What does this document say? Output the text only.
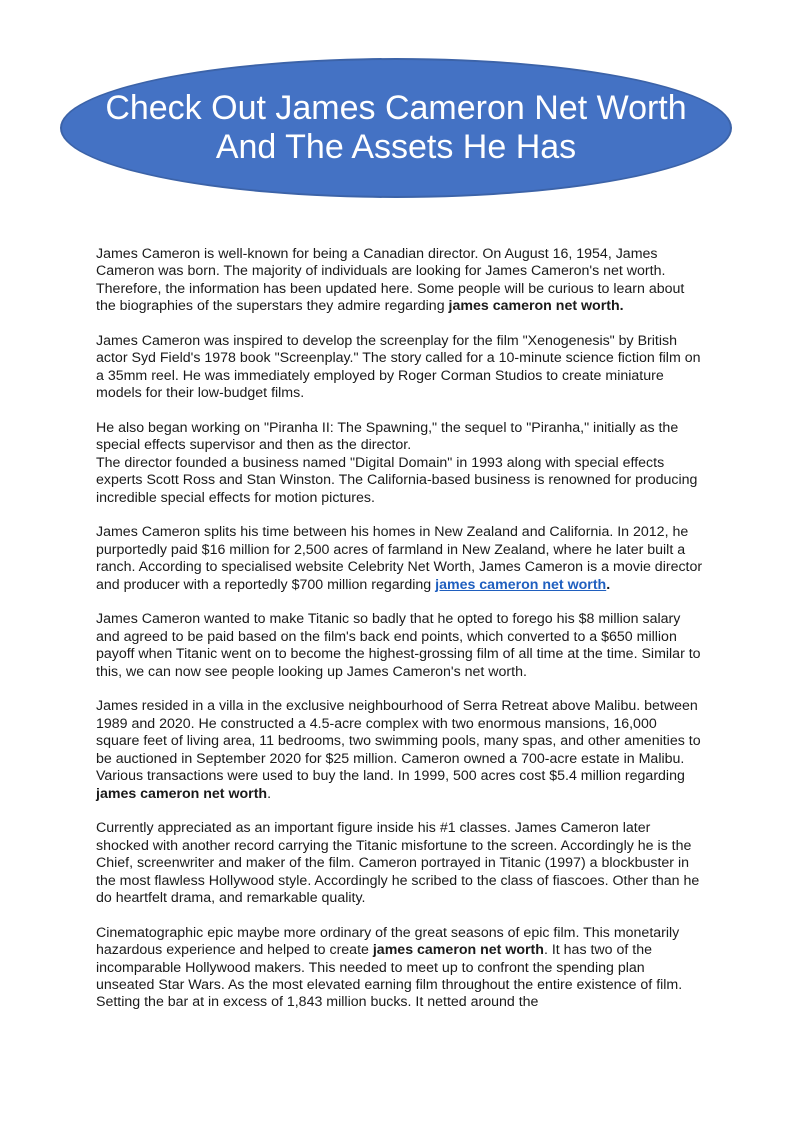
Check Out James Cameron Net Worth And The Assets He Has

James Cameron is well-known for being a Canadian director. On August 16, 1954, James Cameron was born. The majority of individuals are looking for James Cameron's net worth. Therefore, the information has been updated here. Some people will be curious to learn about the biographies of the superstars they admire regarding james cameron net worth.

James Cameron was inspired to develop the screenplay for the film "Xenogenesis" by British actor Syd Field's 1978 book "Screenplay." The story called for a 10-minute science fiction film on a 35mm reel. He was immediately employed by Roger Corman Studios to create miniature models for their low-budget films.

He also began working on "Piranha II: The Spawning," the sequel to "Piranha," initially as the special effects supervisor and then as the director.

The director founded a business named "Digital Domain" in 1993 along with special effects experts Scott Ross and Stan Winston. The California-based business is renowned for producing incredible special effects for motion pictures.

James Cameron splits his time between his homes in New Zealand and California. In 2012, he purportedly paid $16 million for 2,500 acres of farmland in New Zealand, where he later built a ranch. According to specialised website Celebrity Net Worth, James Cameron is a movie director and producer with a reportedly $700 million regarding james cameron net worth.

James Cameron wanted to make Titanic so badly that he opted to forego his $8 million salary and agreed to be paid based on the film's back end points, which converted to a $650 million payoff when Titanic went on to become the highest-grossing film of all time at the time. Similar to this, we can now see people looking up James Cameron's net worth.

James resided in a villa in the exclusive neighbourhood of Serra Retreat above Malibu. between 1989 and 2020. He constructed a 4.5-acre complex with two enormous mansions, 16,000 square feet of living area, 11 bedrooms, two swimming pools, many spas, and other amenities to be auctioned in September 2020 for $25 million. Cameron owned a 700-acre estate in Malibu. Various transactions were used to buy the land. In 1999, 500 acres cost $5.4 million regarding james cameron net worth.

Currently appreciated as an important figure inside his #1 classes. James Cameron later shocked with another record carrying the Titanic misfortune to the screen. Accordingly he is the Chief, screenwriter and maker of the film. Cameron portrayed in Titanic (1997) a blockbuster in the most flawless Hollywood style. Accordingly he scribed to the class of fiascoes. Other than he do heartfelt drama, and remarkable quality.

Cinematographic epic maybe more ordinary of the great seasons of epic film. This monetarily hazardous experience and helped to create james cameron net worth. It has two of the incomparable Hollywood makers. This needed to meet up to confront the spending plan unseated Star Wars. As the most elevated earning film throughout the entire existence of film. Setting the bar at in excess of 1,843 million bucks. It netted around the
